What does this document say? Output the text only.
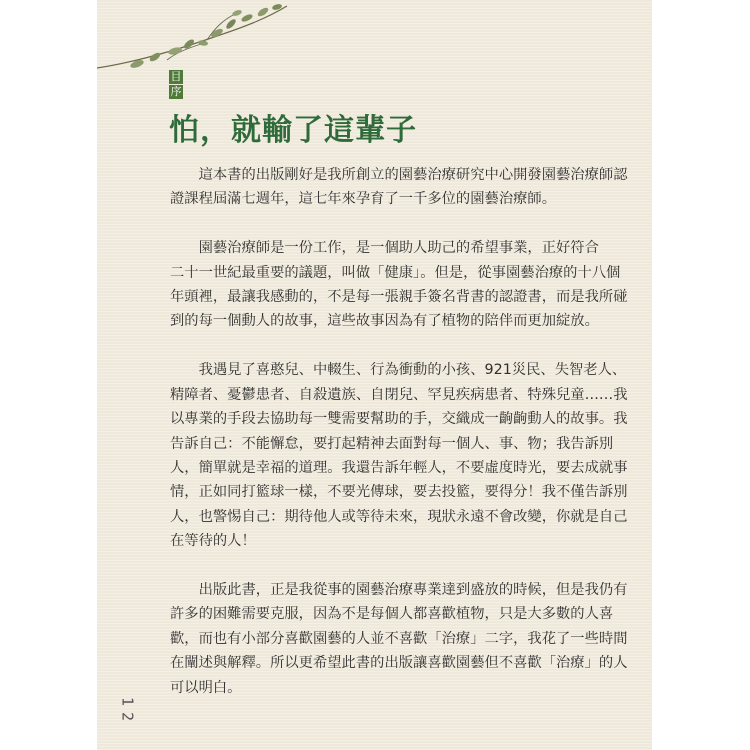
目
序
怕，就輸了這輩子

　　這本書的出版剛好是我所創立的園藝治療研究中心開發園藝治療師認
證課程屆滿七週年，這七年來孕育了一千多位的園藝治療師。

　　園藝治療師是一份工作，是一個助人助己的希望事業，正好符合
二十一世紀最重要的議題，叫做「健康」。但是，從事園藝治療的十八個
年頭裡，最讓我感動的，不是每一張親手簽名背書的認證書，而是我所碰
到的每一個動人的故事，這些故事因為有了植物的陪伴而更加綻放。

　　我遇見了喜憨兒、中輟生、行為衝動的小孩、921災民、失智老人、
精障者、憂鬱患者、自殺遺族、自閉兒、罕見疾病患者、特殊兒童……我
以專業的手段去協助每一雙需要幫助的手，交織成一齣齣動人的故事。我
告訴自己：不能懈怠，要打起精神去面對每一個人、事、物；我告訴別
人，簡單就是幸福的道理。我還告訴年輕人，不要虛度時光，要去成就事
情，正如同打籃球一樣，不要光傳球，要去投籃，要得分！我不僅告訴別
人，也警惕自己：期待他人或等待未來，現狀永遠不會改變，你就是自己
在等待的人！

　　出版此書，正是我從事的園藝治療專業達到盛放的時候，但是我仍有
許多的困難需要克服，因為不是每個人都喜歡植物，只是大多數的人喜
歡，而也有小部分喜歡園藝的人並不喜歡「治療」二字，我花了一些時間
在闡述與解釋。所以更希望此書的出版讓喜歡園藝但不喜歡「治療」的人
可以明白。

1
2
